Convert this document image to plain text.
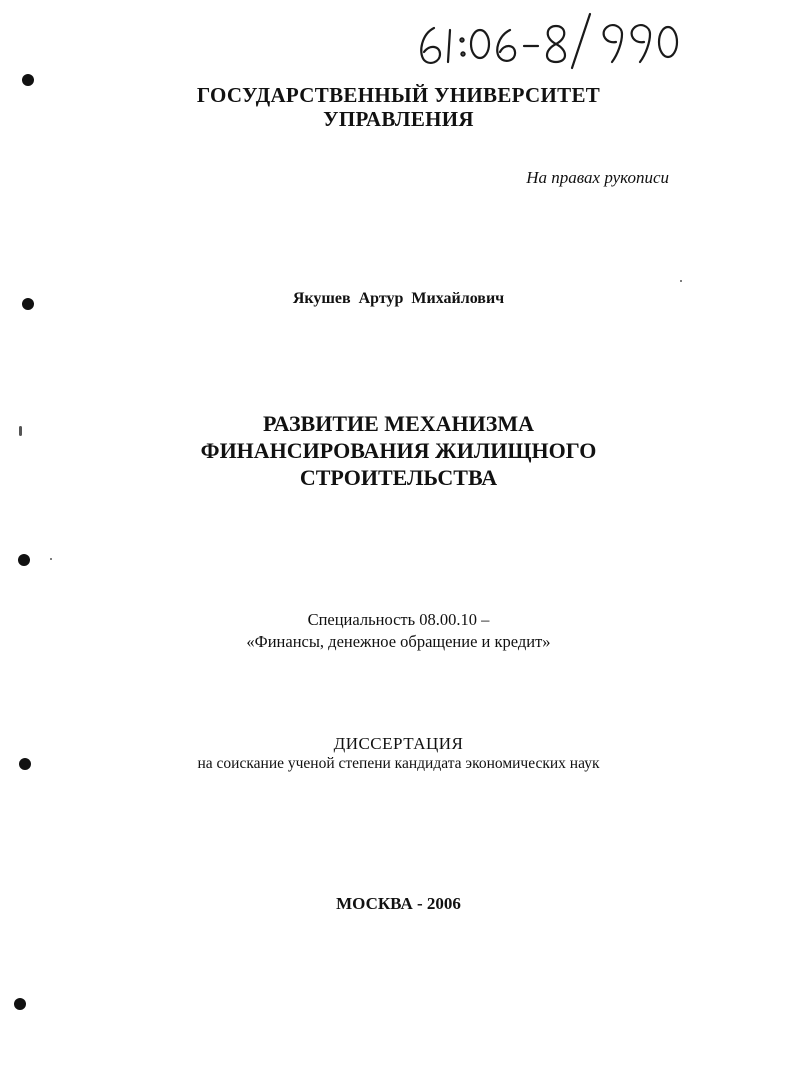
ГОСУДАРСТВЕННЫЙ УНИВЕРСИТЕТ
УПРАВЛЕНИЯ
На правах рукописи
Якушев Артур Михайлович
РАЗВИТИЕ МЕХАНИЗМА
ФИНАНСИРОВАНИЯ ЖИЛИЩНОГО
СТРОИТЕЛЬСТВА
Специальность 08.00.10 –
«Финансы, денежное обращение и кредит»
ДИССЕРТАЦИЯ
на соискание ученой степени кандидата экономических наук
МОСКВА - 2006
